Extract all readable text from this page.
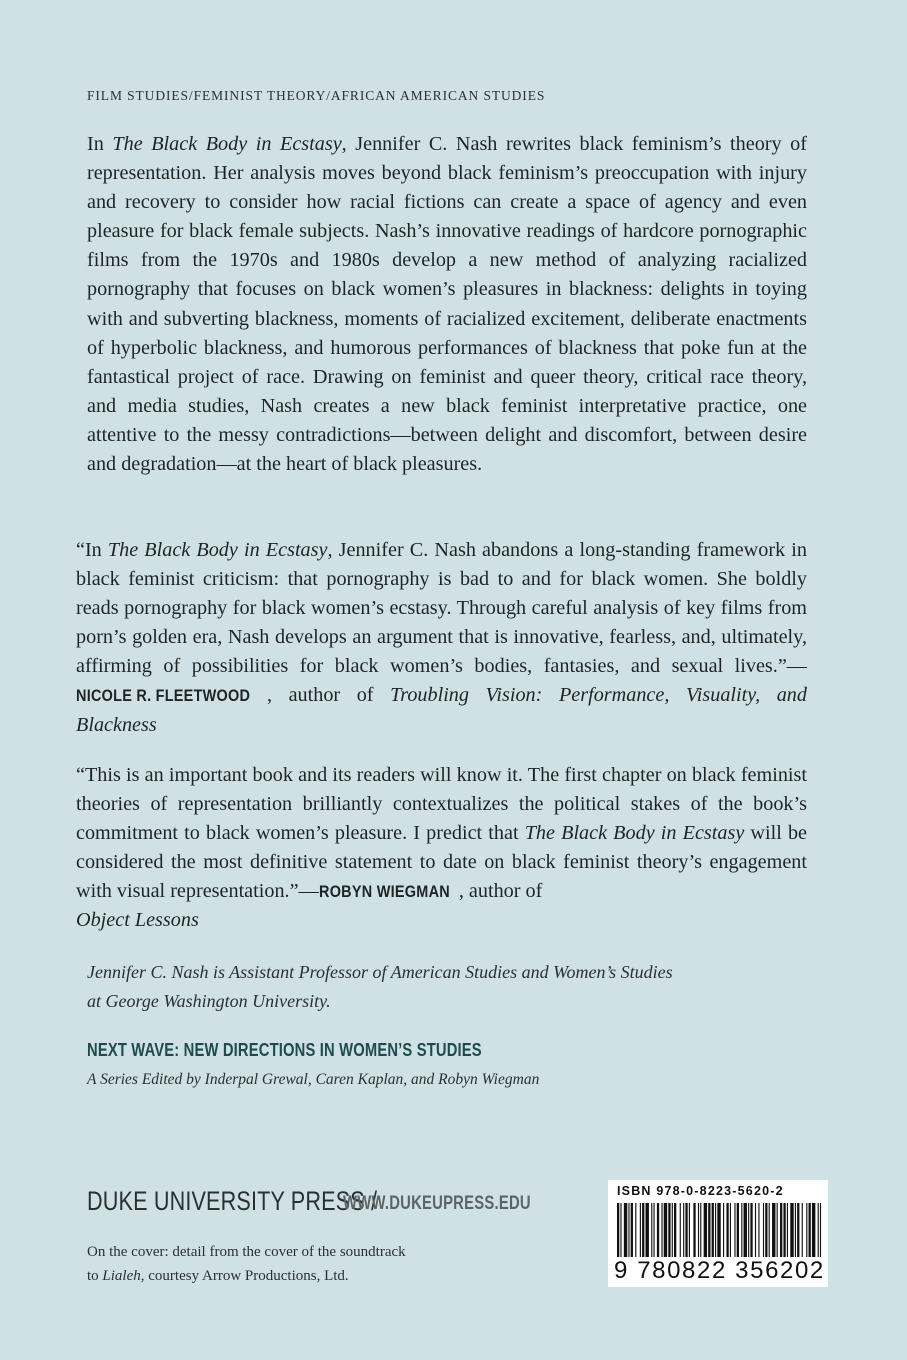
FILM STUDIES/FEMINIST THEORY/AFRICAN AMERICAN STUDIES

In The Black Body in Ecstasy, Jennifer C. Nash rewrites black feminism’s theory of representation. Her analysis moves beyond black feminism’s preoccupation with injury and recovery to consider how racial fictions can create a space of agency and even pleasure for black female subjects. Nash’s innovative readings of hardcore pornographic films from the 1970s and 1980s develop a new method of analyzing racialized pornography that focuses on black women’s pleasures in blackness: delights in toying with and subverting blackness, moments of racialized excitement, deliberate enactments of hyperbolic blackness, and humorous performances of blackness that poke fun at the fantastical project of race. Drawing on feminist and queer theory, critical race theory, and media studies, Nash creates a new black feminist interpretative practice, one attentive to the messy contradictions—between delight and discomfort, between desire and degradation—at the heart of black pleasures.

“In The Black Body in Ecstasy, Jennifer C. Nash abandons a long-standing framework in black feminist criticism: that pornography is bad to and for black women. She boldly reads pornography for black women’s ecstasy. Through careful analysis of key films from porn’s golden era, Nash develops an argument that is innovative, fearless, and, ultimately, affirming of possibilities for black women’s bodies, fantasies, and sexual lives.”—NICOLE R. FLEETWOOD , author of Troubling Vision: Performance, Visuality, and Blackness

“This is an important book and its readers will know it. The first chapter on black feminist theories of representation brilliantly contextualizes the political stakes of the book’s commitment to black women’s pleasure. I predict that The Black Body in Ecstasy will be considered the most definitive statement to date on black feminist theory’s engagement with visual representation.”—ROBYN WIEGMAN , author of
Object Lessons

Jennifer C. Nash is Assistant Professor of American Studies and Women’s Studies
at George Washington University.

NEXT WAVE: NEW DIRECTIONS IN WOMEN’S STUDIES
A Series Edited by Inderpal Grewal, Caren Kaplan, and Robyn Wiegman
DUKE UNIVERSITY PRESS /
WWW.DUKEUPRESS.EDU

On the cover: detail from the cover of the soundtrack
to Lialeh, courtesy Arrow Productions, Ltd.

ISBN 978-0-8223-5620-2
9 780822 356202
